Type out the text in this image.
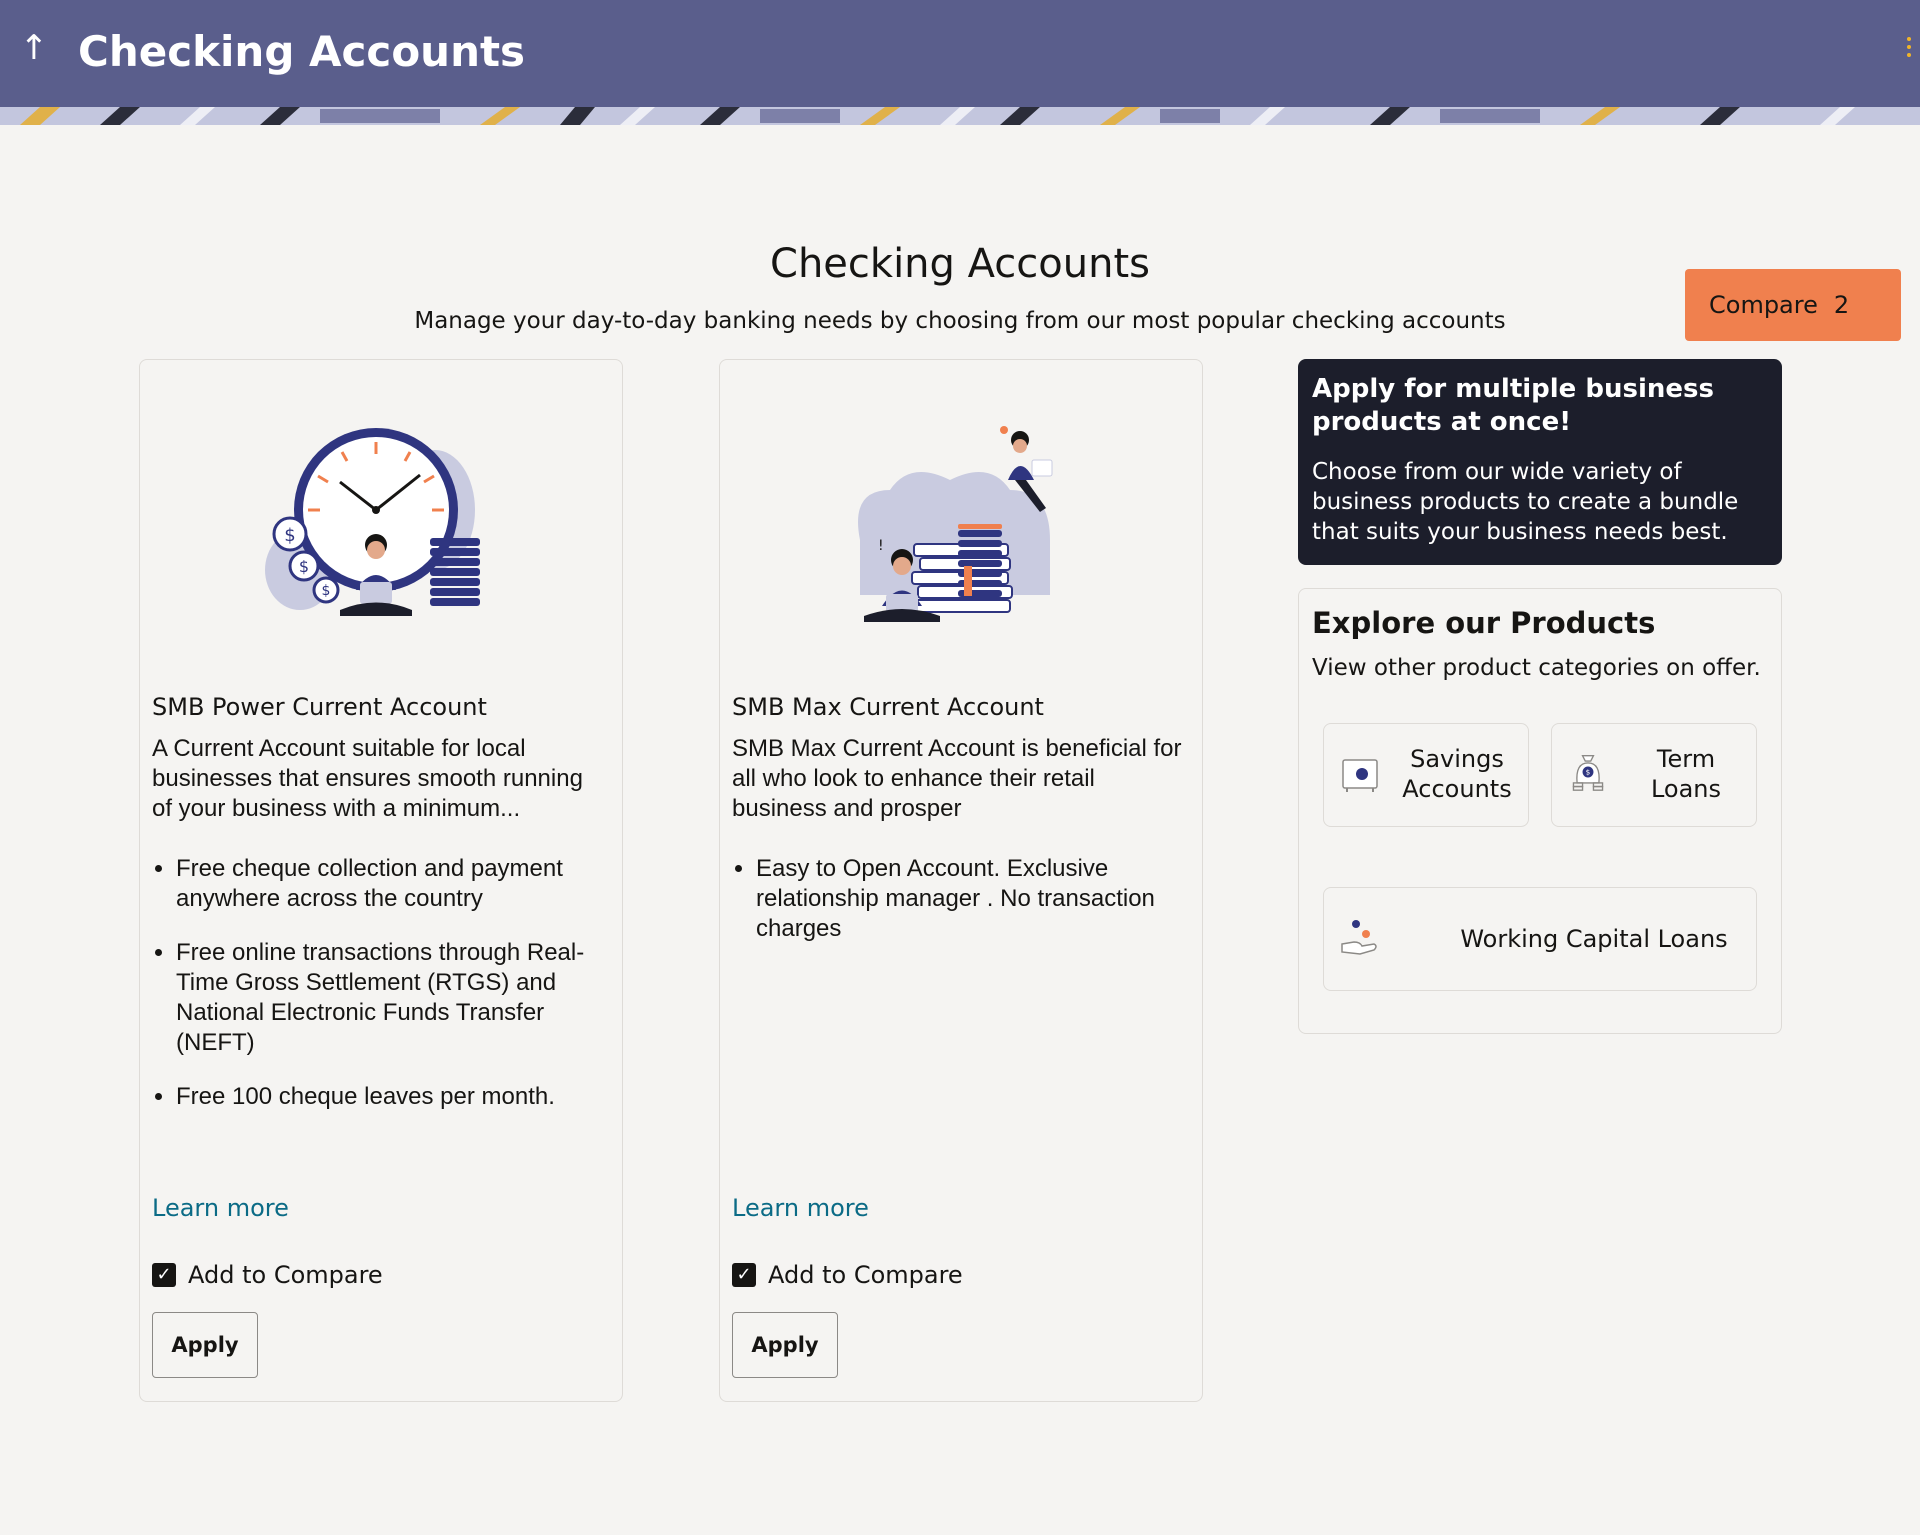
↑ Checking Accounts
Checking Accounts
Manage your day-to-day banking needs by choosing from our most popular checking accounts
Compare 2
$
$
$
SMB Power Current Account
A Current Account suitable for local businesses that ensures smooth running of your business with a minimum...
• Free cheque collection and payment anywhere across the country
• Free online transactions through Real-Time Gross Settlement (RTGS) and National Electronic Funds Transfer (NEFT)
• Free 100 cheque leaves per month.
Learn more
✓ Add to Compare
Apply
!
SMB Max Current Account
SMB Max Current Account is beneficial for all who look to enhance their retail business and prosper
• Easy to Open Account. Exclusive relationship manager . No transaction charges
Learn more
✓ Add to Compare
Apply
Apply for multiple business products at once!

Choose from our wide variety of business products to create a bundle that suits your business needs best.

Explore our Products
View other product categories on offer.
Savings Accounts
$	Term Loans
Working Capital Loans
